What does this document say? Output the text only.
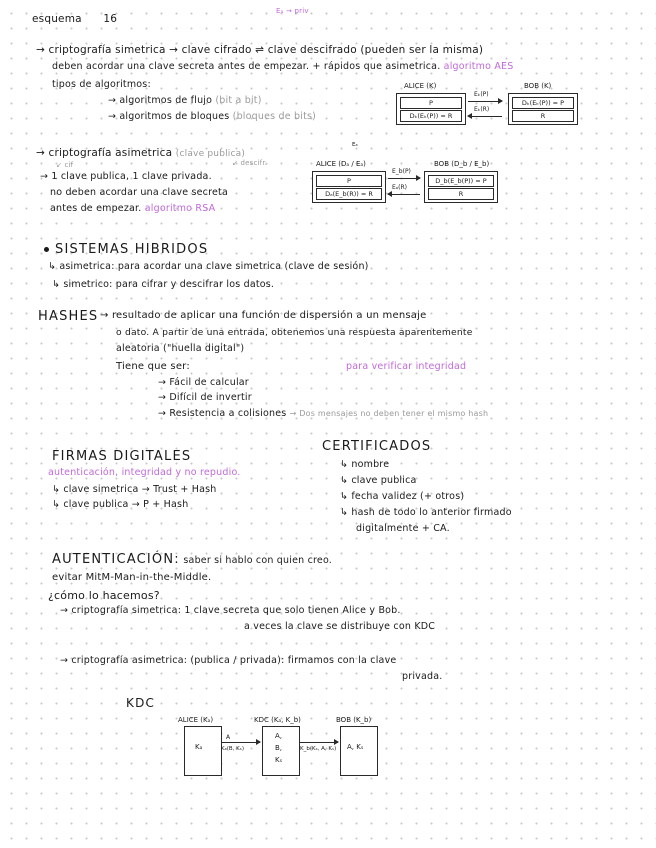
esquema 16
Eₐ → priv
→ criptografía simetrica → clave cifrado ⇌ clave descifrado (pueden ser la misma)
deben acordar una clave secreta antes de empezar. + rápidos que asimetrica. algoritmo AES
tipos de algoritmos:
→ algoritmos de flujo (bit a bit)
→ algoritmos de bloques (bloques de bits)
ALICE (K)	BOB (K)
P
Dₖ(Eₖ(P)) = R
Eₖ(P)
Eₖ(R)
Dₖ(Eₖ(P)) = P
R
→ criptografía asimetrica (clave publica)
↙ cif	↙ descifr.
→ 1 clave publica, 1 clave privada.
no deben acordar una clave secreta
antes de empezar. algoritmo RSA
Eₐ
ALICE (Dₐ / Eₐ)	BOB (D_b / E_b)
P
Dₐ(E_b(R)) = R
E_b(P)
Eₐ(R)
D_b(E_b(P)) = P
R
SISTEMAS HIBRIDOS
↳ asimetrica: para acordar una clave simetrica (clave de sesión)
↳ simetrico: para cifrar y descifrar los datos.
HASHES → resultado de aplicar una función de dispersión a un mensaje
o dato. A partir de una entrada, obtenemos una respuesta aparentemente
aleatoria ("huella digital")
Tiene que ser:	para verificar integridad
→ Fácil de calcular
→ Difícil de invertir
→ Resistencia a colisiones → Dos mensajes no deben tener el mismo hash
FIRMAS DIGITALES
autenticación, integridad y no repudio.
↳ clave simetrica → Trust + Hash
↳ clave publica → P + Hash
CERTIFICADOS
↳ nombre
↳ clave publica
↳ fecha validez (+ otros)
↳ hash de todo lo anterior firmado
digitalmente + CA.
AUTENTICACIÓN: saber si hablo con quien creo.
evitar MitM-Man-in-the-Middle.
¿cómo lo hacemos?
→ criptografía simetrica: 1 clave secreta que solo tienen Alice y Bob.
a veces la clave se distribuye con KDC
→ criptografía asimetrica: (publica / privada): firmamos con la clave
privada.
KDC
ALICE (Kₐ)	KDC (Kₐ, K_b)	BOB (K_b)
Kₐ
A
Kₐ(B, Kₛ)
A,
B,
Kₛ
K_b(Kₛ, A, Kₛ) A, Kₛ
